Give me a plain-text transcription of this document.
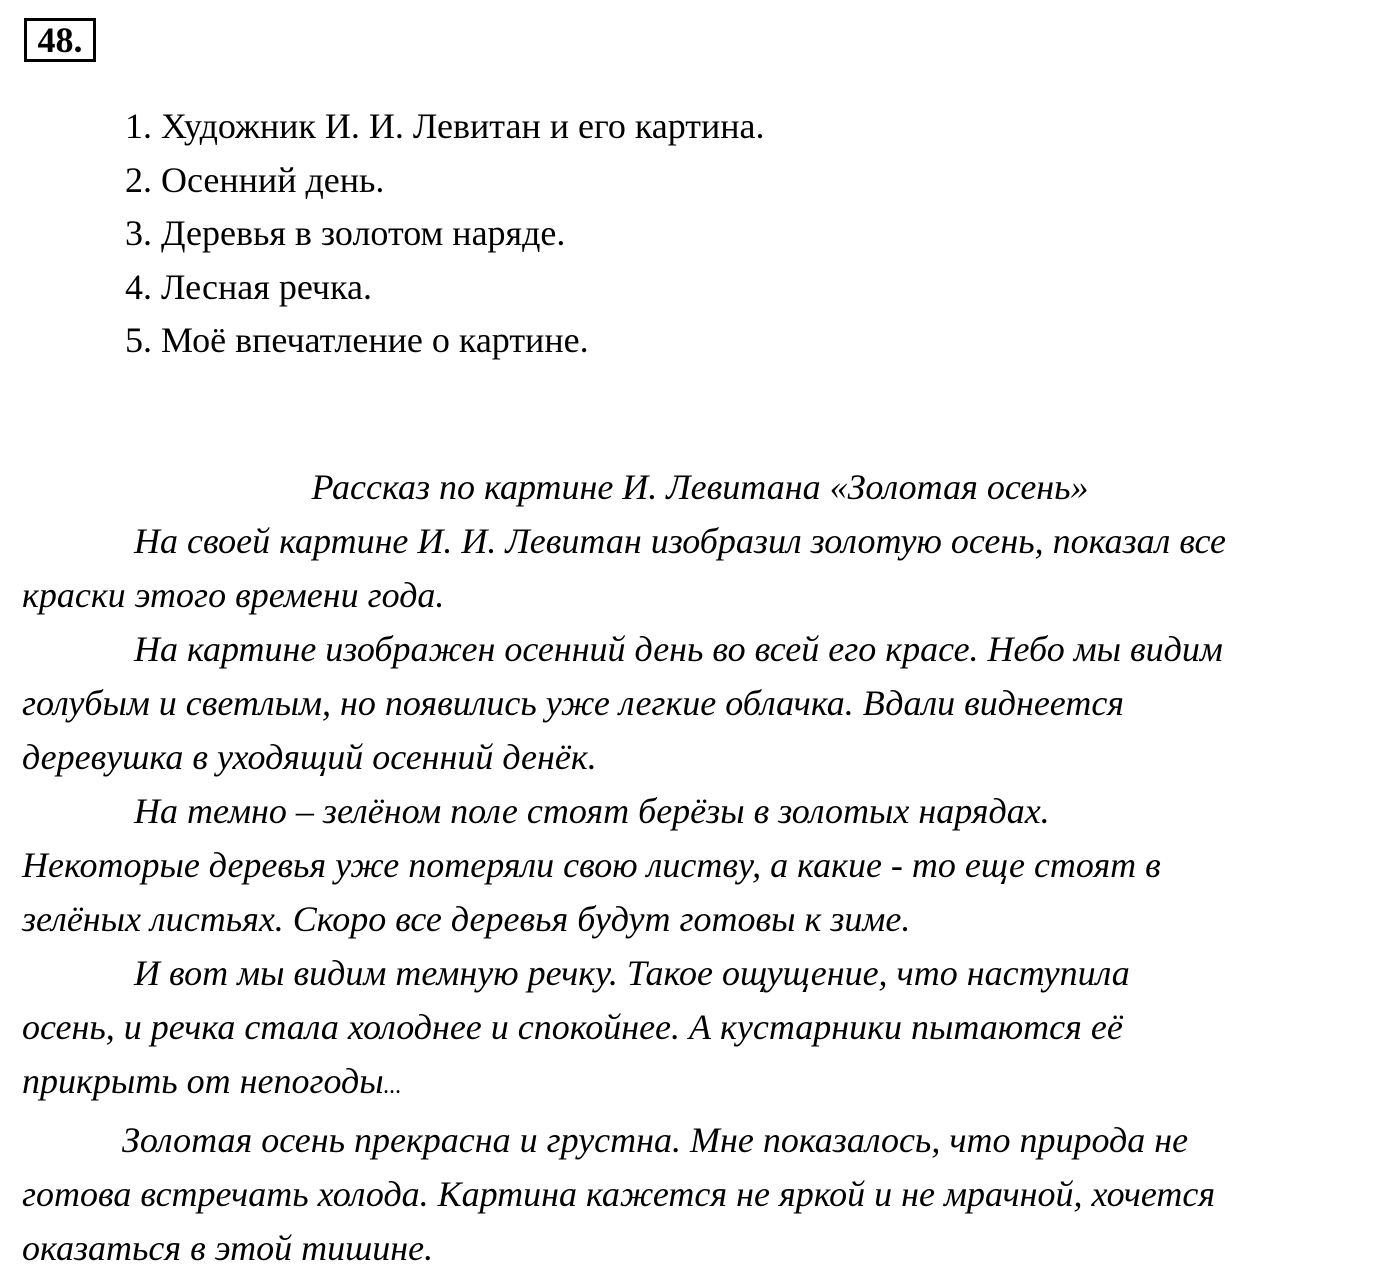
48.
1. Художник И. И. Левитан и его картина.
2. Осенний день.
3. Деревья в золотом наряде.
4. Лесная речка.
5. Моё впечатление о картине.
Рассказ по картине И. Левитана «Золотая осень»

На своей картине И. И. Левитан изобразил золотую осень, показал все
краски этого времени года.

На картине изображен осенний день во всей его красе. Небо мы видим
голубым и светлым, но появились уже легкие облачка. Вдали виднеется
деревушка в уходящий осенний денёк.

На темно – зелёном поле стоят берёзы в золотых нарядах.
Некоторые деревья уже потеряли свою листву, а какие - то еще стоят в
зелёных листьях. Скоро все деревья будут готовы к зиме.

И вот мы видим темную речку. Такое ощущение, что наступила
осень, и речка стала холоднее и спокойнее. А кустарники пытаются её
прикрыть от непогоды...

Золотая осень прекрасна и грустна. Мне показалось, что природа не
готова встречать холода. Картина кажется не яркой и не мрачной, хочется
оказаться в этой тишине.
